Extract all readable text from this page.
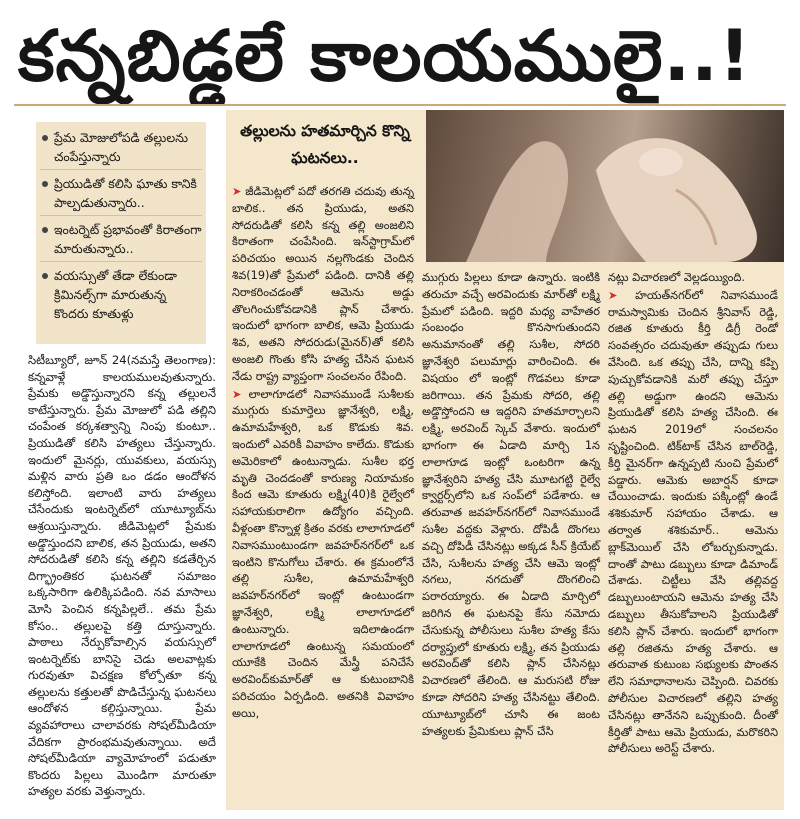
కన్నబిడ్డలే కాలయములై..!
ప్రేమ మోజులోపడి తల్లులను చంపేస్తున్నారు
ప్రియుడితో కలిసి ఘాతు కానికి పాల్పడుతున్నారు..
ఇంటర్నెట్ ప్రభావంతో కిరాతంగా మారుతున్నారు..
వయస్సుతో తేడా లేకుండా క్రిమినల్స్‌గా మారుతున్న కొందరు కూతుళ్లు
సిటీబ్యూరో, జూన్ 24(నమస్తే తెలంగాణ): కన్నవాళ్లే కాలయములవుతున్నారు. ప్రేమకు అడ్డొస్తున్నారని కన్న తల్లులనే కాటేస్తున్నారు. ప్రేమ మోజులో పడి తల్లిని చంపేంత కర్కశత్వాన్ని నింపు కుంటూ.. ప్రియుడితో కలిసి హత్యలు చేస్తున్నారు. ఇందులో మైనర్లు, యువకులు, వయస్సు మళ్లిన వారు ప్రతి ఒం డడం ఆందోళన కలిస్తోంది. ఇలాంటి వారు హత్యలు చేసేందుకు ఇంటర్నెట్‌లో యూట్యూబ్‌ను ఆశ్రయిస్తున్నారు. జీడిమెట్లలో ప్రేమకు అడ్డొస్తుందని బాలిక, తన ప్రియుడు, అతని సోదరుడితో కలిసి కన్న తల్లిని కడతేర్చిన దిగ్భ్రాంతికర ఘటనతో సమాజం ఒక్కసారిగా ఉలిక్కిపడింది. నవ మాసాలు మోసి పెంచిన కన్నపిల్లలే.. తమ ప్రేమ కోసం.. తల్లులపై కత్తి దూస్తున్నారు. పాఠాలు నేర్పుకోవాల్సిన వయస్సులో ఇంటర్నెట్‌కు బానిసై చెడు అలవాట్లకు గురవుతూ విచక్షణ కోల్పోతూ కన్న తల్లులను కత్తులతో పొడిచేస్తున్న ఘటనలు ఆందోళన కల్గిస్తున్నాయి. ప్రేమ వ్యవహారాలు చాలావరకు సోషల్‌మీడియా వేదికగా ప్రారంభమవుతున్నాయి. అదే సోషల్‌మీడియా వ్యామోహంలో పడుతూ కొందరు పిల్లలు మొండిగా మారుతూ హత్యల వరకు వెళ్తున్నారు.
తల్లులను హతమార్చిన కొన్ని ఘటనలు..

➤ జీడిమెట్లలో పదో తరగతి చదువు తున్న బాలిక.. తన ప్రియుడు, అతని సోదరుడితో కలిసి కన్న తల్లి అంజలిని కిరాతంగా చంపేసింది. ఇన్‌స్టాగ్రామ్‌లో పరిచయం అయిన నల్లగొండకు చెందిన శివ(19)తో ప్రేమలో పడింది. దానికి తల్లి నిరాకరించడంతో ఆమెను అడ్డు తొలగించుకోవడానికి ప్లాన్ చేశారు. ఇందులో భాగంగా బాలిక, ఆమె ప్రియుడు శివ, అతని సోదరుడు(మైనర్)తో కలిసి అంజలి గొంతు కోసి హత్య చేసిన ఘటన నేడు రాష్ట్ర వ్యాప్తంగా సంచలనం రేపింది.

➤ లాలాగూడలో నివాసముండే సుశీలకు ముగ్గురు కుమార్తెలు జ్ఞానేశ్వరి, లక్ష్మి, ఉమామహేశ్వరి, ఒక కొడుకు శివ. ఇందులో ఎవరికీ వివాహం కాలేదు. కొడుకు అమెరికాలో ఉంటున్నాడు. సుశీల భర్త మృతి చెందడంతో కారుణ్య నియామకం కింద ఆమె కూతురు లక్ష్మి(40)కి రైల్వేలో సహాయకురాలిగా ఉద్యోగం వచ్చింది. వీళ్లంతా కొన్నాళ్ల క్రితం వరకు లాలాగూడలో నివాసముంటుండగా జవహర్‌నగర్‌లో ఒక ఇంటిని కొనుగోలు చేశారు. ఈ క్రమంలోనే తల్లి సుశీల, ఉమామహేశ్వరి జవహర్‌నగర్‌లో ఇంట్లో ఉంటుండగా జ్ఞానేశ్వరి, లక్ష్మి లాలాగూడలో ఉంటున్నారు. ఇదిలాఉండగా లాలాగూడలో ఉంటున్న సమయంలో యూకేకి చెందిన మేస్త్రీ పనిచేసే అరవింద్‌కుమార్‌తో ఆ కుటుంబానికి పరిచయం ఏర్పడింది. అతనికి వివాహం అయి,

ముగ్గురు పిల్లలు కూడా ఉన్నారు. ఇంటికి తరుచూ వచ్చే అరవిందుకు మార్‌తో లక్ష్మి ప్రేమలో పడింది. ఇద్దరి మధ్య వాహేతర సంబంధం కొనసాగుతుందని అనుమానంతో తల్లి సుశీల, సోదరి జ్ఞానేశ్వరి పలుమార్లు వారించింది. ఈ విషయం లో ఇంట్లో గొడవలు కూడా జరిగాయి. తన ప్రేమకు సోదరి, తల్లి అడ్డొస్తోందని ఆ ఇద్దరిని హతమార్చాలని లక్ష్మి, అరవింద్ స్కెచ్ వేశారు. ఇందులో భాగంగా ఈ ఏడాది మార్చి 1న లాలాగూడ ఇంట్లో ఒంటరిగా ఉన్న జ్ఞానేశ్వరిని హత్య చేసి మూటగట్టి రైల్వే క్వార్టర్స్‌లోని ఒక సంప్‌లో పడేశారు. ఆ తరువాత జవహర్‌నగర్‌లో నివాసముండే సుశీల వద్దకు వెళ్లారు. దోపిడీ దొంగలు వచ్చి దోపిడీ చేసినట్లు అక్కడ సీన్ క్రియేట్ చేసి, సుశీలను హత్య చేసి ఆమె ఇంట్లో నగలు, నగదుతో దొంగలించి పరారయ్యారు. ఈ ఏడాది మార్చిలో జరిగిన ఈ ఘటనపై కేసు నమోదు చేసుకున్న పోలీసులు సుశీల హత్య కేసు దర్యాప్తులో కూతురు లక్ష్మి, తన ప్రియుడు అరవింద్‌తో కలిసి ప్లాన్ చేసినట్లు విచారణలో తేలింది. ఆ మరుసటి రోజు కూడా సోదరిని హత్య చేసినట్టు తేలింది. యూట్యూబ్‌లో చూసి ఈ జంట హత్యలకు ప్రేమికులు ప్లాన్ చేసి

నట్లు విచారణలో వెల్లడయ్యింది.

➤ హయత్‌నగర్‌లో నివాసముండే రామస్వామికు చెందిన శ్రీనివాస్ రెడ్డి, రజిత కూతురు కీర్తి డిగ్రీ రెండో సంవత్సరం చదువుతూ తప్పుడు గులు వేసింది. ఒక తప్పు చేసి, దాన్ని కప్పి పుచ్చుకోవడానికి మరో తప్పు చేస్తూ తల్లి అడ్డుగా ఉందని ఆమెను ప్రియుడితో కలిసి హత్య చేసింది. ఈ ఘటన 2019లో సంచలనం సృష్టించింది. టిక్‌టాక్ చేసిన బాల్‌రెడ్డి, కీర్తి మైనర్‌గా ఉన్నప్పటి నుంచి ప్రేమలో పడ్డారు. ఆమెకు అబార్షన్ కూడా చేయించాడు. ఇందుకు పక్కింట్లో ఉండే శశికుమార్ సహాయం చేశాడు. ఆ తర్వాత శశికుమార్.. ఆమెను బ్లాక్‌మెయిల్ చేసి లోబర్చుకున్నాడు. దాంతో పాటు డబ్బులు కూడా డిమాండ్ చేశాడు. చిట్టీలు వేసి తల్లివద్ద డబ్బులుంటాయని ఆమెను హత్య చేసి డబ్బులు తీసుకోవాలని ప్రియుడితో కలిసి ప్లాన్ చేశారు. ఇందులో భాగంగా తల్లి రజితను హత్య చేశారు. ఆ తరువాత కుటుంబ సభ్యులకు పొంతన లేని సమాధానాలను చెప్పింది. చివరకు పోలీసుల విచారణలో తల్లిని హత్య చేసినట్లు తానేనని ఒప్పుకుంది. దీంతో కీర్తితో పాటు ఆమె ప్రియుడు, మరొకరిని పోలీసులు అరెస్ట్ చేశారు.
